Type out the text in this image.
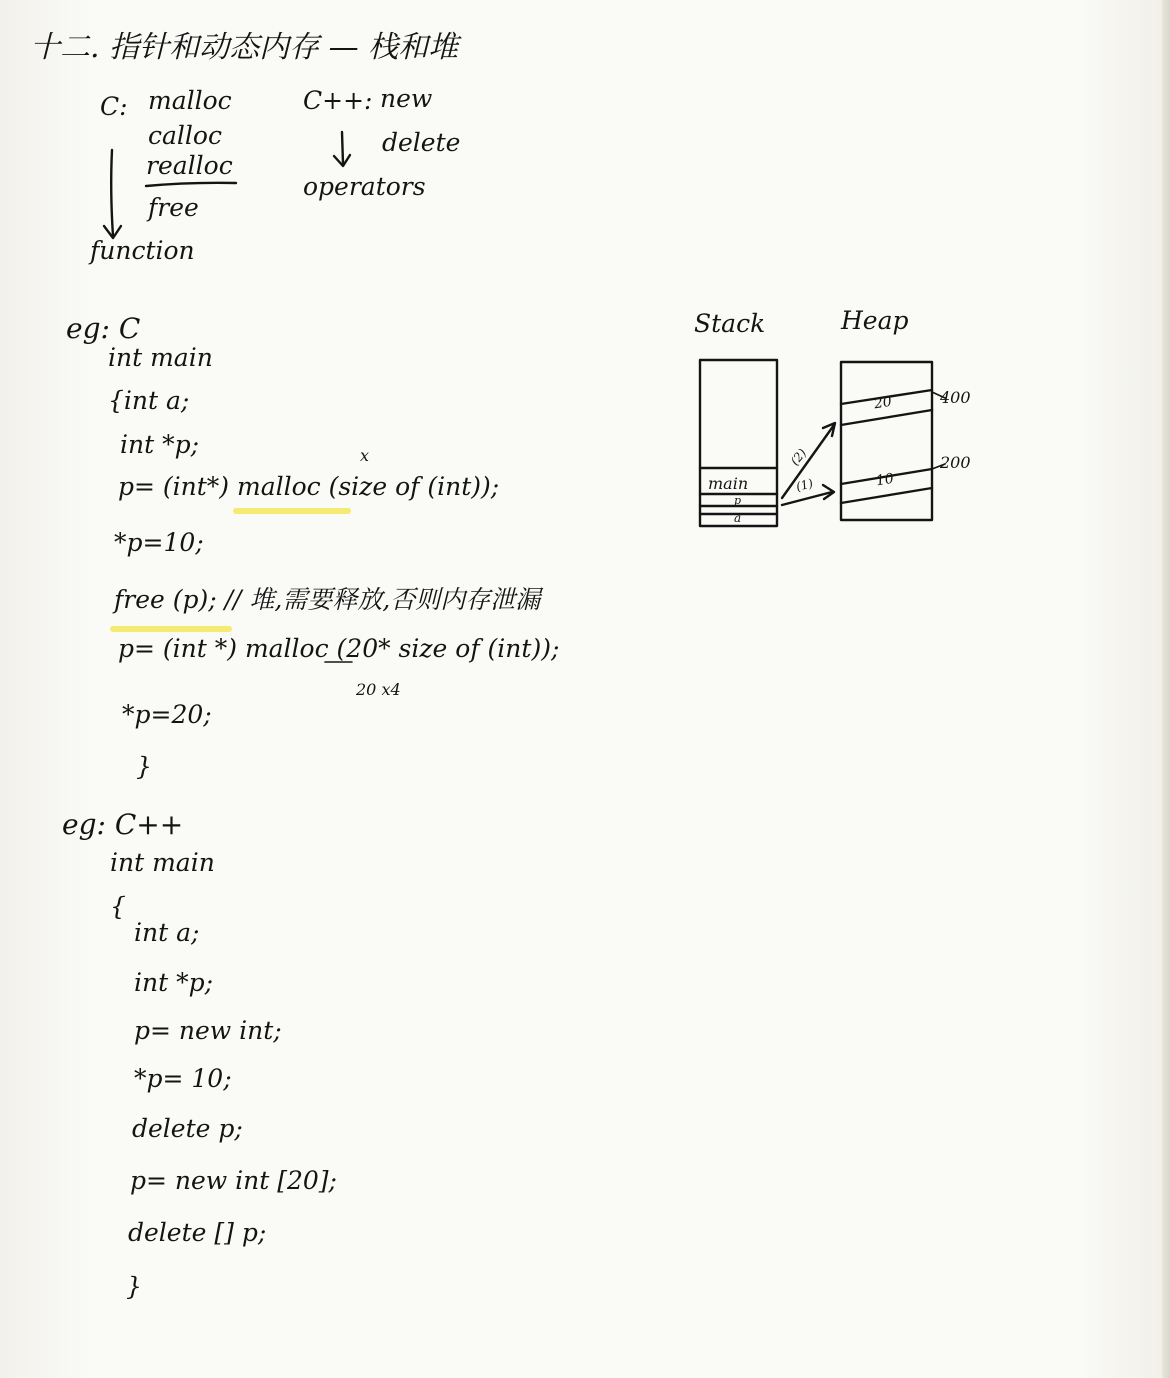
十二. 指针和动态内存 — 栈和堆
C: malloc
calloc
realloc
free
function
C++: new
delete
operators
eg: C
int main
{int a;
int *p;	x
p= (int*) malloc (size of (int));
*p=10;
free (p); // 堆,需要释放,否则内存泄漏
p= (int *) malloc (20* size of (int));
20 x4
*p=20;
}
eg: C++
int main
{
int a;
int *p;
p= new int;
*p= 10;
delete p;
p= new int [20];
delete [] p;
}
Stack	Heap
main
p
a
20
10
400
200
(2)
(1)
